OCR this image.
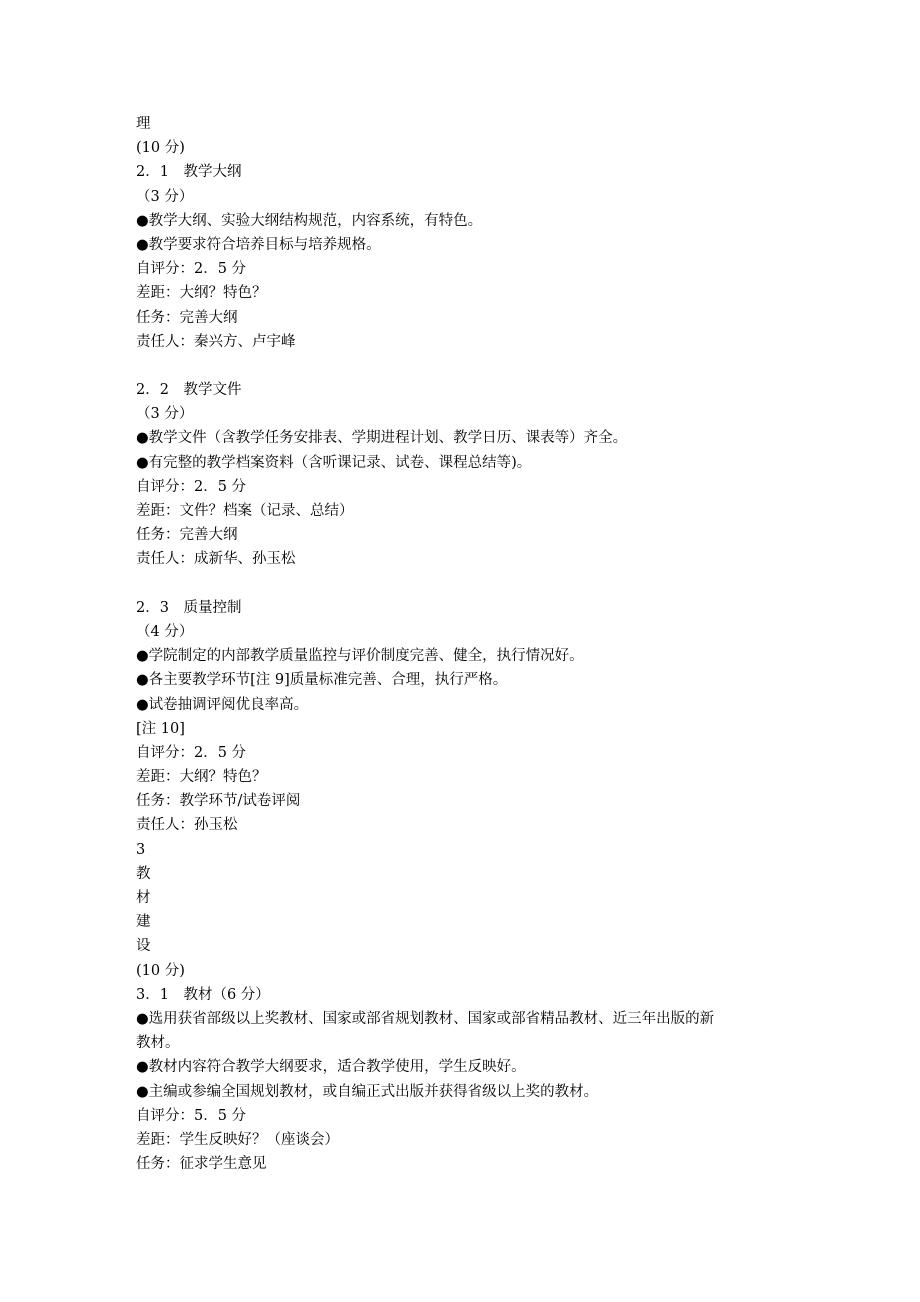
理
(10 分)
2．1　教学大纲
（3 分）
●教学大纲、实验大纲结构规范，内容系统，有特色。
●教学要求符合培养目标与培养规格。
自评分：2．5 分
差距：大纲？特色？
任务：完善大纲
责任人：秦兴方、卢宇峰
2．2　教学文件
（3 分）
●教学文件（含教学任务安排表、学期进程计划、教学日历、课表等）齐全。
●有完整的教学档案资料（含听课记录、试卷、课程总结等)。
自评分：2．5 分
差距：文件？档案（记录、总结）
任务：完善大纲
责任人：成新华、孙玉松
2．3　质量控制
（4 分）
●学院制定的内部教学质量监控与评价制度完善、健全，执行情况好。
●各主要教学环节[注 9]质量标准完善、合理，执行严格。
●试卷抽调评阅优良率高。
[注 10]
自评分：2．5 分
差距：大纲？特色？
任务：教学环节/试卷评阅
责任人：孙玉松
3
教
材
建
设
(10 分)
3．1　教材（6 分）
●选用获省部级以上奖教材、国家或部省规划教材、国家或部省精品教材、近三年出版的新
教材。
●教材内容符合教学大纲要求，适合教学使用，学生反映好。
●主编或参编全国规划教材，或自编正式出版并获得省级以上奖的教材。
自评分：5．5 分
差距：学生反映好？（座谈会）
任务：征求学生意见
